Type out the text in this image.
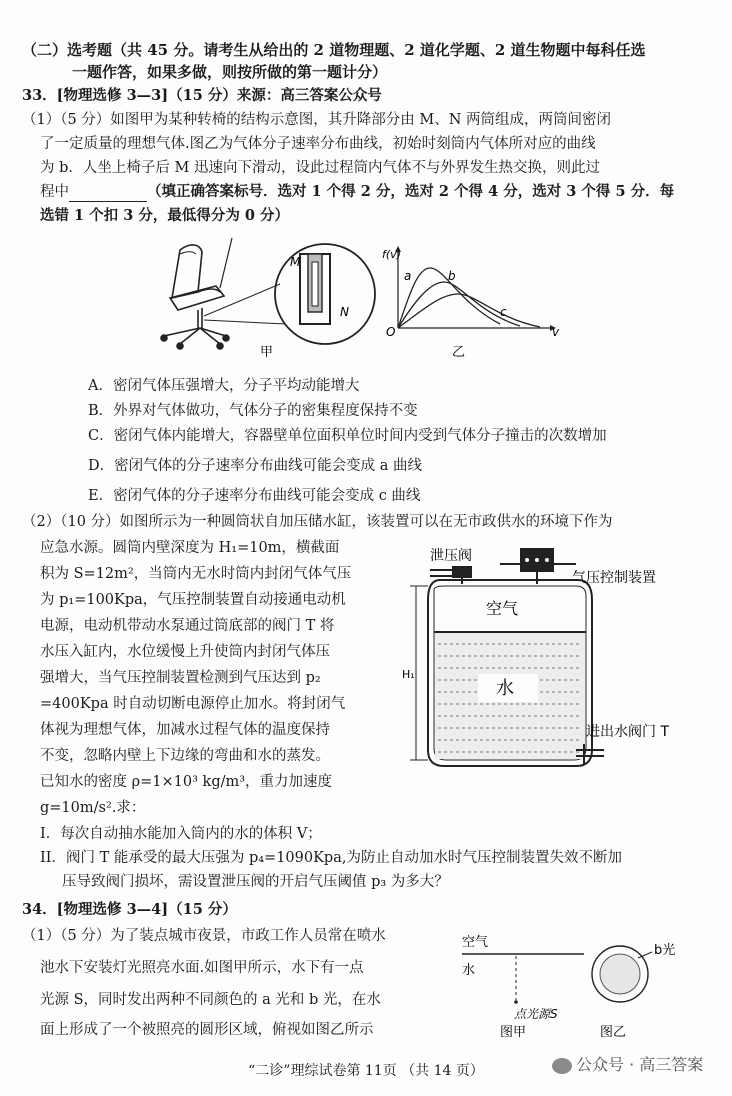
（二）选考题（共 45 分。请考生从给出的 2 道物理题、2 道化学题、2 道生物题中每科任选
一题作答，如果多做，则按所做的第一题计分）
33．[物理选修 3—3]（15 分）来源：高三答案公众号
（1）（5 分）如图甲为某种转椅的结构示意图，其升降部分由 M、N 两筒组成，两筒间密闭
了一定质量的理想气体.图乙为气体分子速率分布曲线，初始时刻筒内气体所对应的曲线
为 b．人坐上椅子后 M 迅速向下滑动，设此过程筒内气体不与外界发生热交换，则此过
程中	（填正确答案标号．选对 1 个得 2 分，选对 2 个得 4 分，选对 3 个得 5 分．每
选错 1 个扣 3 分，最低得分为 0 分）
M
N
甲
f(v)
O	v
a	b
c
乙
A．密闭气体压强增大，分子平均动能增大
B．外界对气体做功，气体分子的密集程度保持不变
C．密闭气体内能增大，容器壁单位面积单位时间内受到气体分子撞击的次数增加
D．密闭气体的分子速率分布曲线可能会变成 a 曲线
E．密闭气体的分子速率分布曲线可能会变成 c 曲线
（2）（10 分）如图所示为一种圆筒状自加压储水缸，该装置可以在无市政供水的环境下作为
应急水源。圆筒内壁深度为 H₁=10m，横截面
积为 S=12m²，当筒内无水时筒内封闭气体气压
为 p₁=100Kpa，气压控制装置自动接通电动机
电源，电动机带动水泵通过筒底部的阀门 T 将
水压入缸内，水位缓慢上升使筒内封闭气体压
强增大，当气压控制装置检测到气压达到 p₂
=400Kpa 时自动切断电源停止加水。将封闭气
体视为理想气体，加减水过程气体的温度保持
不变，忽略内壁上下边缘的弯曲和水的蒸发。
已知水的密度 ρ=1×10³ kg/m³，重力加速度
g=10m/s².求：
I．每次自动抽水能加入筒内的水的体积 V；
II．阀门 T 能承受的最大压强为 p₄=1090Kpa,为防止自动加水时气压控制装置失效不断加
压导致阀门损坏，需设置泄压阀的开启气压阈值 p₃ 为多大？
H₁
泄压阀
气压控制装置
空气
水
进出水阀门 T
34．[物理选修 3—4]（15 分）
（1）（5 分）为了装点城市夜景，市政工作人员常在喷水
池水下安装灯光照亮水面.如图甲所示，水下有一点
光源 S，同时发出两种不同颜色的 a 光和 b 光，在水
面上形成了一个被照亮的圆形区域，俯视如图乙所示
空气
水
点光源S
图甲
b光
图乙
“二诊”理综试卷第 11页 （共 14 页）	公众号 · 高三答案
